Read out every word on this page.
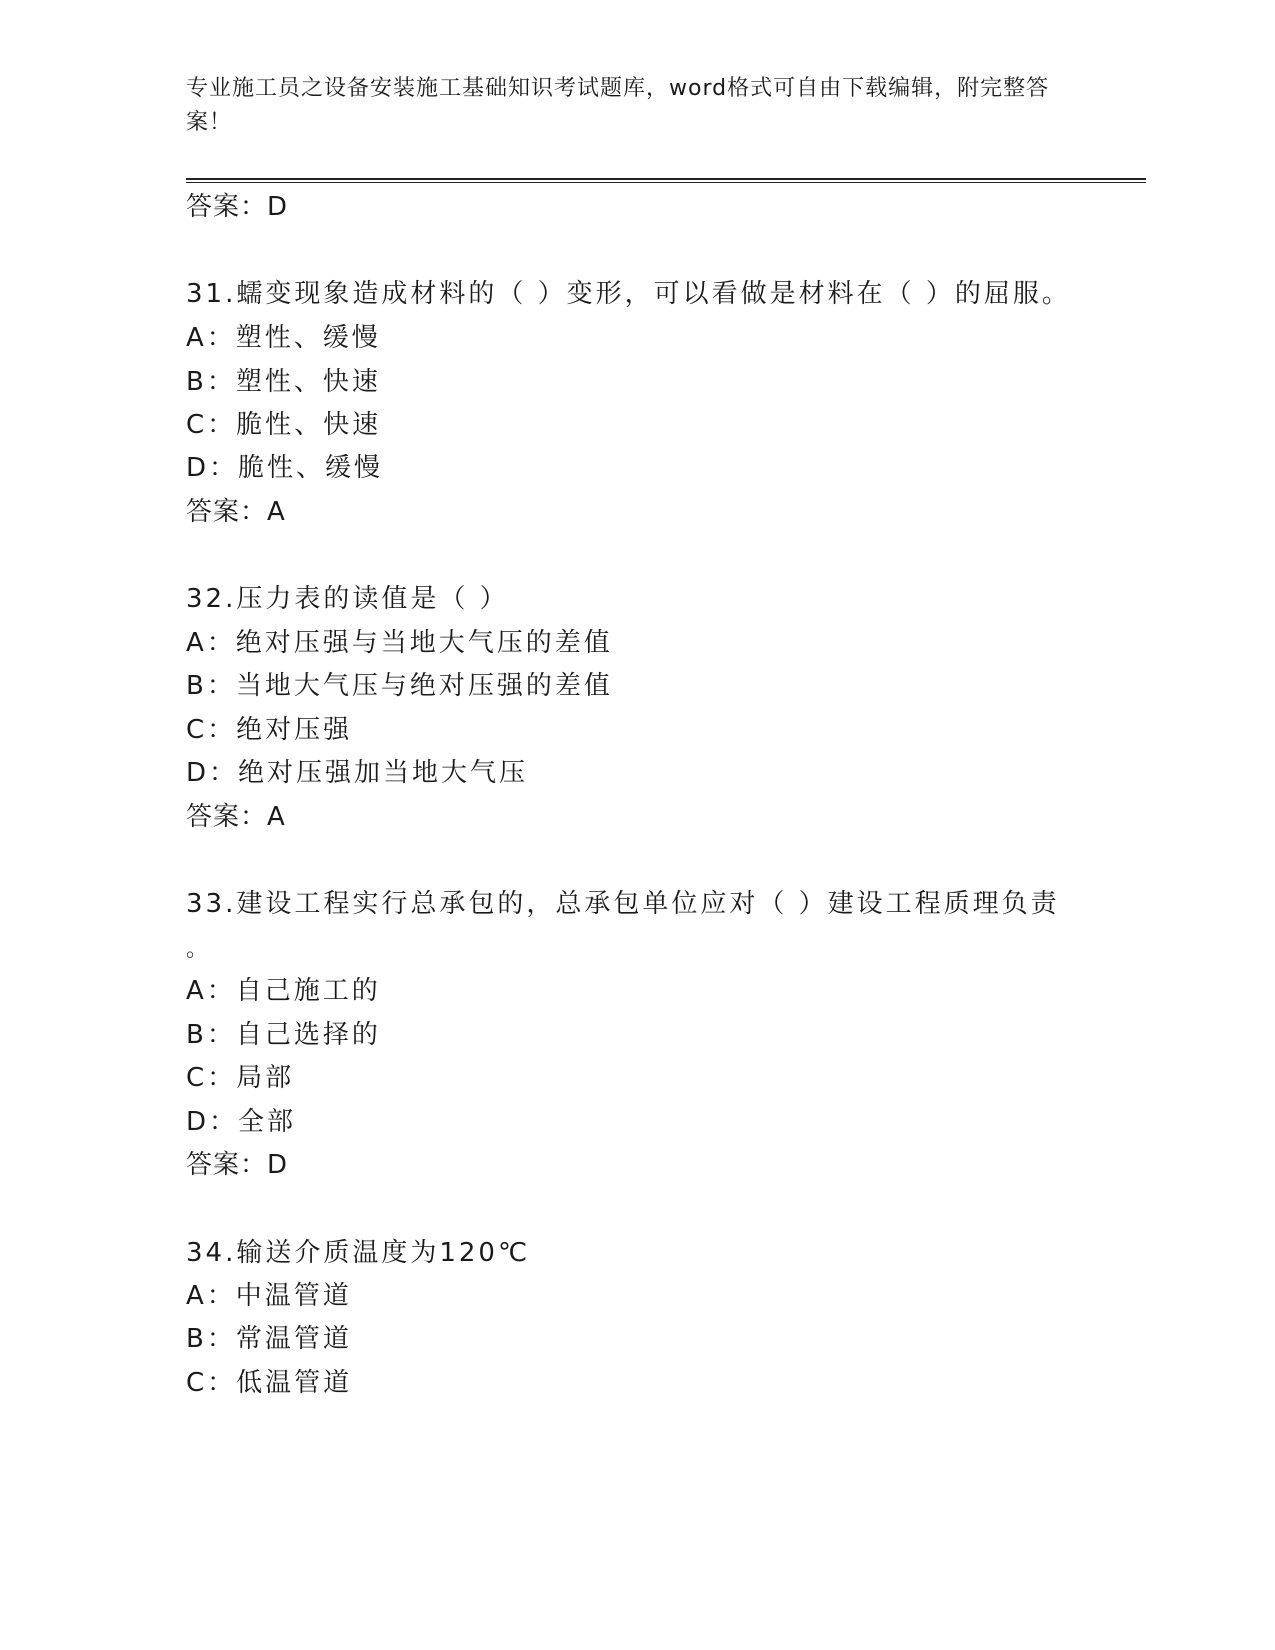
专业施工员之设备安装施工基础知识考试题库，word格式可自由下载编辑，附完整答案！
答案：D
31.蠕变现象造成材料的（ ）变形，可以看做是材料在（ ）的屈服。
A：塑性、缓慢
B：塑性、快速
C：脆性、快速
D：脆性、缓慢
答案：A
32.压力表的读值是（ ）
A：绝对压强与当地大气压的差值
B：当地大气压与绝对压强的差值
C：绝对压强
D：绝对压强加当地大气压
答案：A
33.建设工程实行总承包的，总承包单位应对（ ）建设工程质理负责
。
A：自己施工的
B：自己选择的
C：局部
D：全部
答案：D
34.输送介质温度为120℃
A：中温管道
B：常温管道
C：低温管道
